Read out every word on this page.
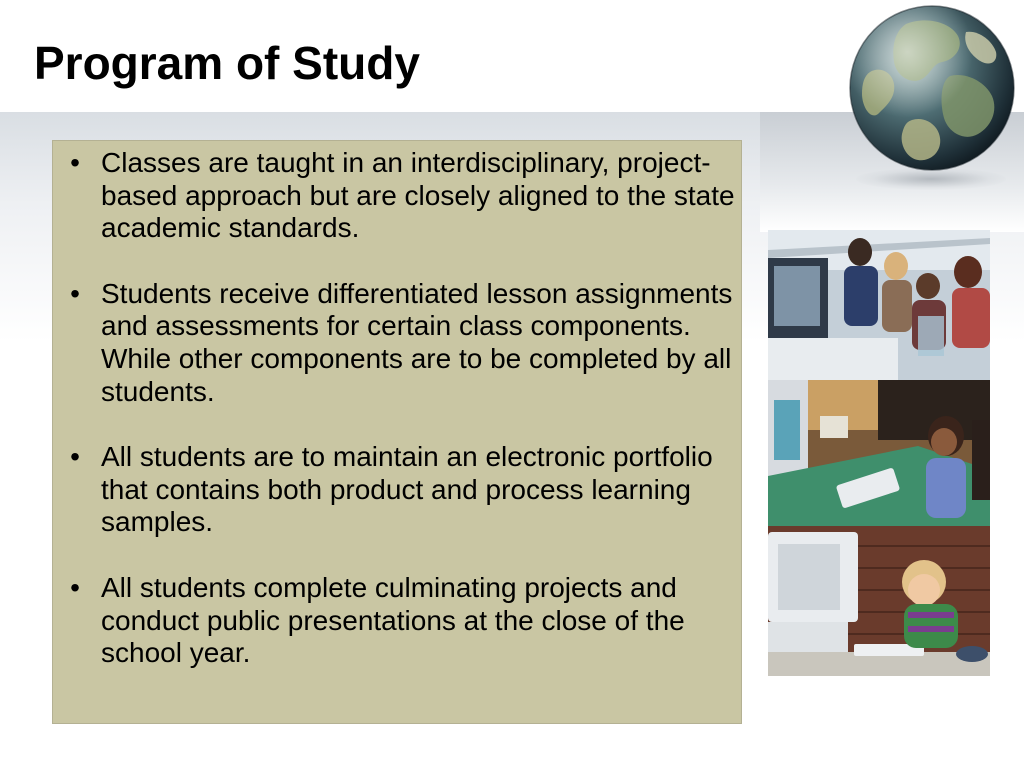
Program of Study
• Classes are taught in an interdisciplinary, project-based approach but are closely aligned to the state academic standards.
• Students receive differentiated lesson assignments and assessments for certain class components. While other components are to be completed by all students.
• All students are to maintain an electronic portfolio that contains both product and process learning samples.
• All students complete culminating projects and conduct public presentations at the close of the school year.
